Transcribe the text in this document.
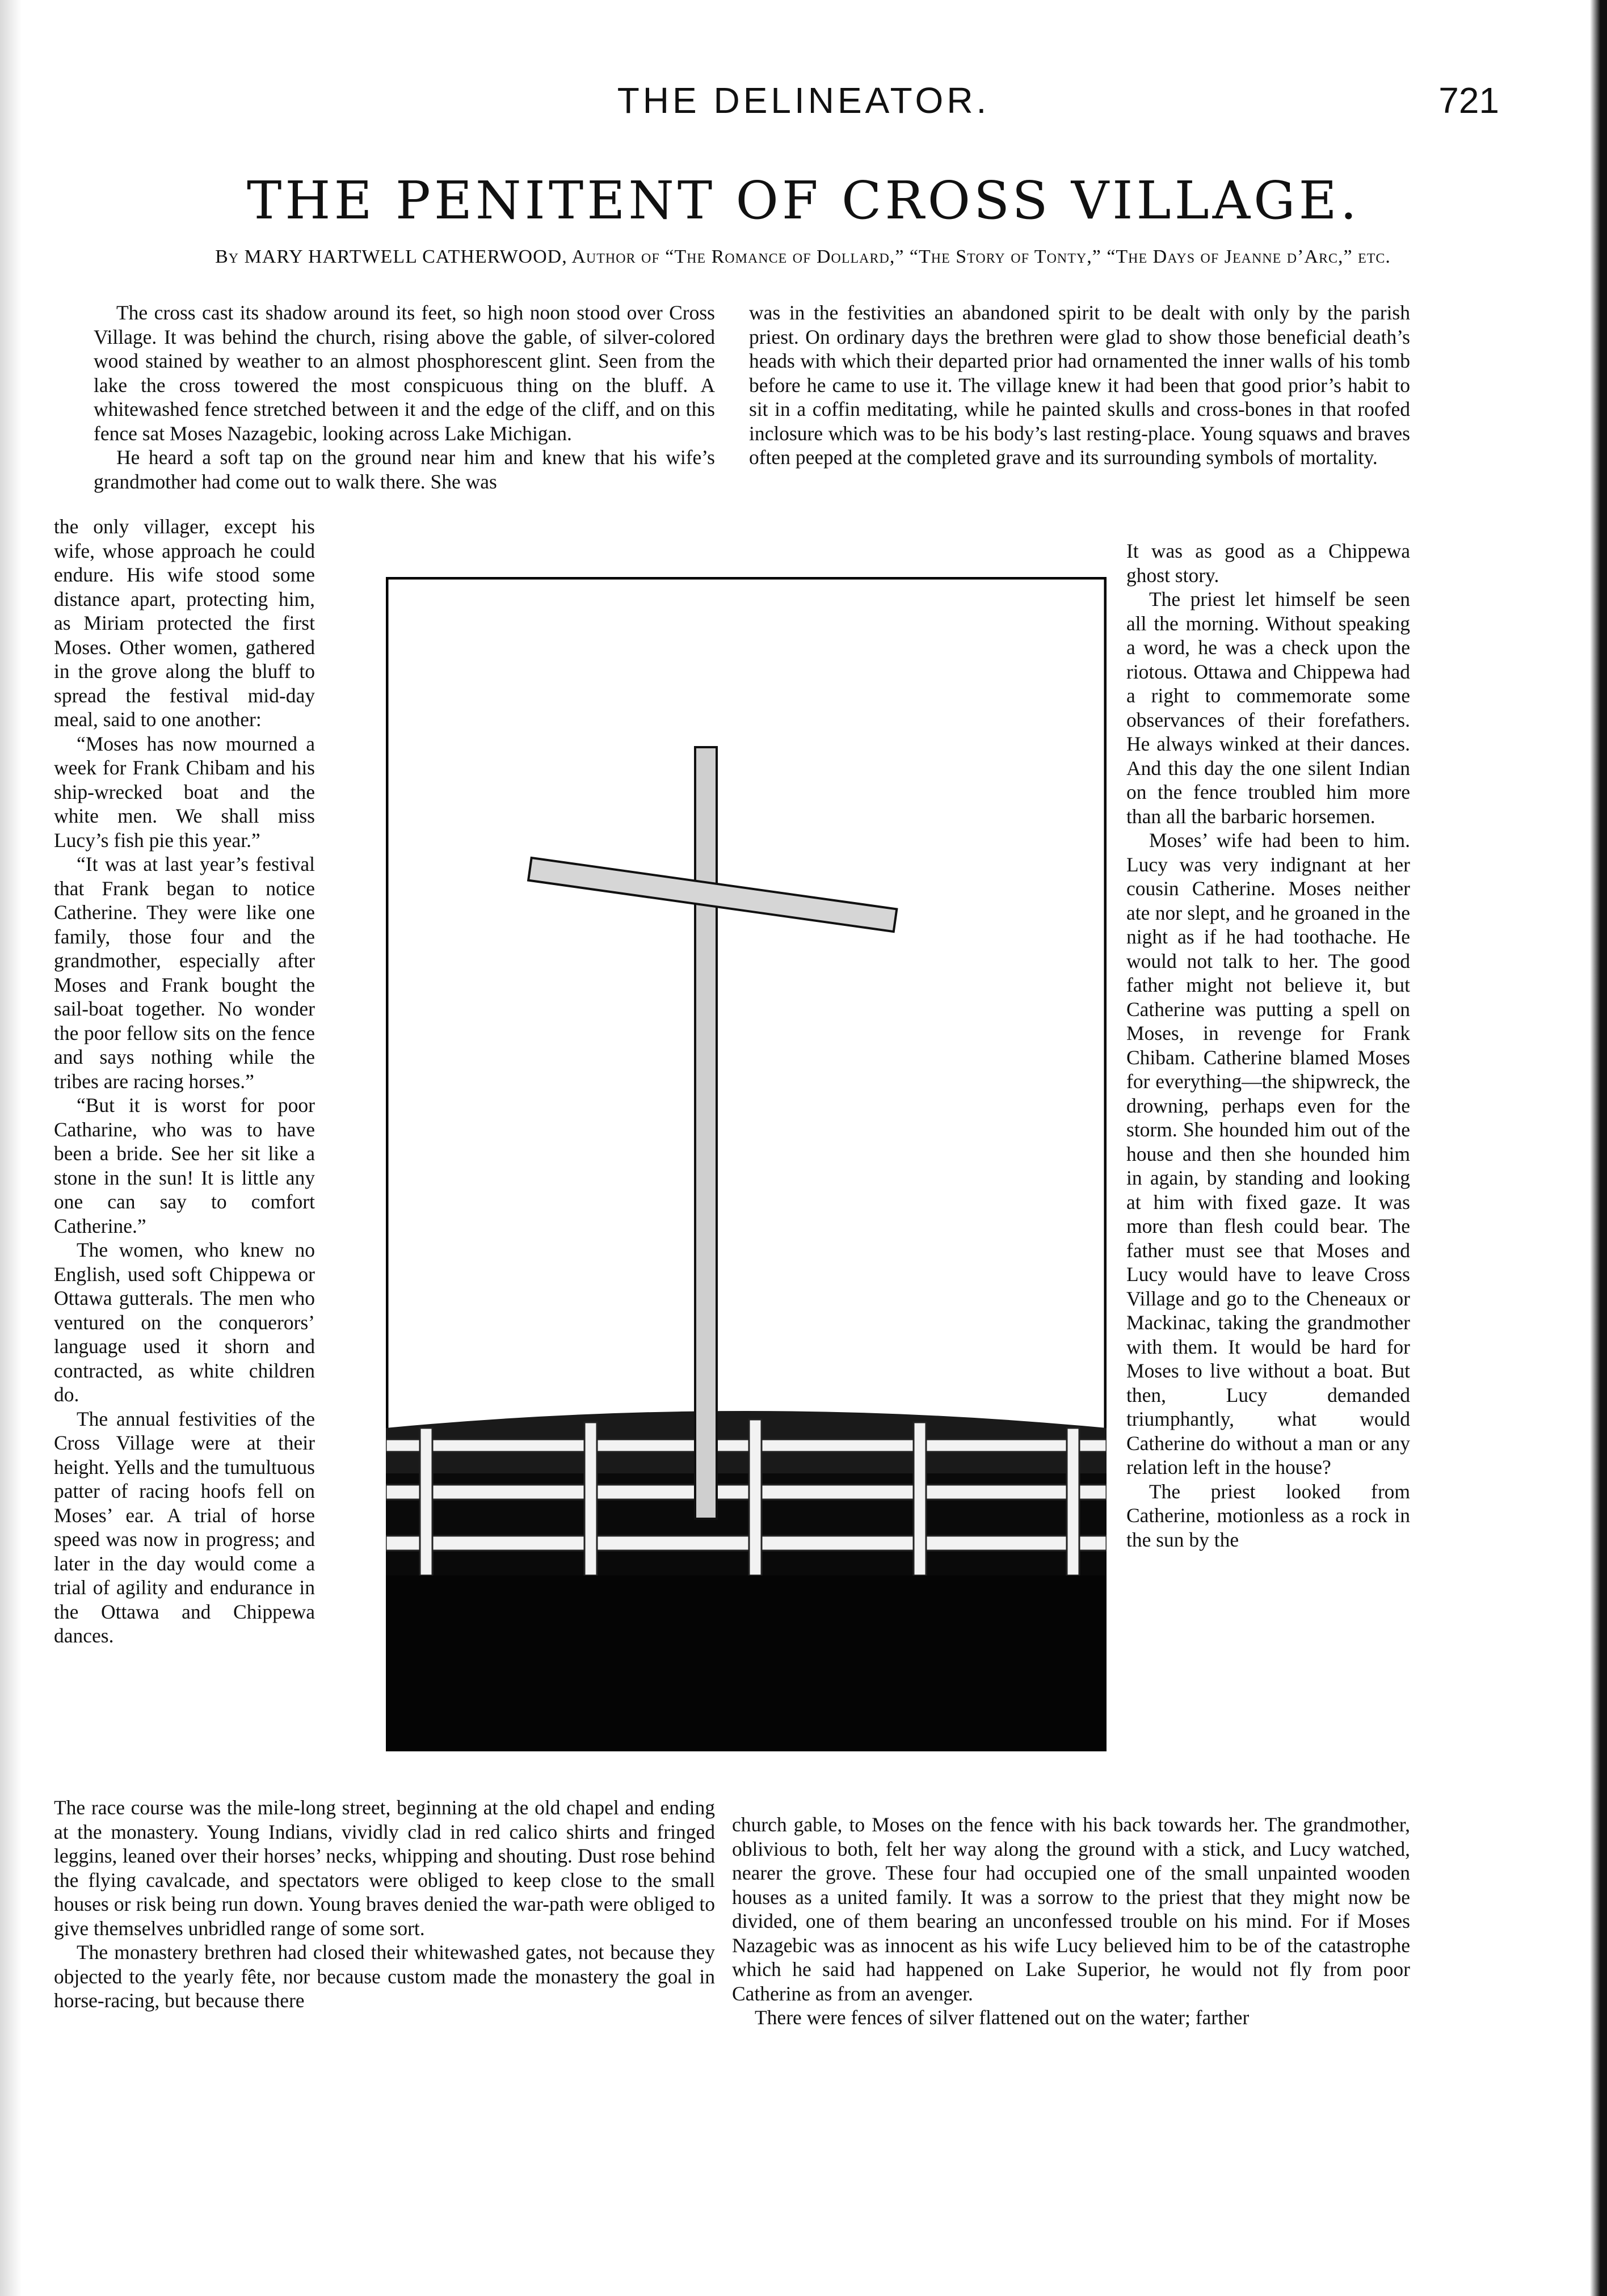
THE DELINEATOR.	721
THE PENITENT OF CROSS VILLAGE.
By MARY HARTWELL CATHERWOOD, Author of “The Romance of Dollard,” “The Story of Tonty,” “The Days of Jeanne d’Arc,” etc.

The cross cast its shadow around its feet, so high noon stood over Cross Village. It was behind the church, rising above the gable, of silver-colored wood stained by weather to an almost phosphorescent glint. Seen from the lake the cross towered the most conspicuous thing on the bluff. A whitewashed fence stretched between it and the edge of the cliff, and on this fence sat Moses Nazagebic, looking across Lake Michigan.

He heard a soft tap on the ground near him and knew that his wife’s grandmother had come out to walk there. She was

was in the festivities an abandoned spirit to be dealt with only by the parish priest. On ordinary days the brethren were glad to show those beneficial death’s heads with which their departed prior had ornamented the inner walls of his tomb before he came to use it. The village knew it had been that good prior’s habit to sit in a coffin meditating, while he painted skulls and cross-bones in that roofed inclosure which was to be his body’s last resting-place. Young squaws and braves often peeped at the completed grave and its surrounding symbols of mortality.

the only villager, except his wife, whose approach he could endure. His wife stood some distance apart, protecting him, as Miriam protected the first Moses. Other women, gathered in the grove along the bluff to spread the festival mid-day meal, said to one another:

“Moses has now mourned a week for Frank Chibam and his ship-wrecked boat and the white men. We shall miss Lucy’s fish pie this year.”

“It was at last year’s festival that Frank began to notice Catherine. They were like one family, those four and the grandmother, especially after Moses and Frank bought the sail-boat together. No wonder the poor fellow sits on the fence and says nothing while the tribes are racing horses.”

“But it is worst for poor Catharine, who was to have been a bride. See her sit like a stone in the sun! It is little any one can say to comfort Catherine.”

The women, who knew no English, used soft Chippewa or Ottawa gutterals. The men who ventured on the conquerors’ language used it shorn and contracted, as white children do.

The annual festivities of the Cross Village were at their height. Yells and the tumultuous patter of racing hoofs fell on Moses’ ear. A trial of horse speed was now in progress; and later in the day would come a trial of agility and endurance in the Ottawa and Chippewa dances.

It was as good as a Chippewa ghost story.

The priest let himself be seen all the morning. Without speaking a word, he was a check upon the riotous. Ottawa and Chippewa had a right to commemorate some observances of their forefathers. He always winked at their dances. And this day the one silent Indian on the fence troubled him more than all the barbaric horsemen.

Moses’ wife had been to him. Lucy was very indignant at her cousin Catherine. Moses neither ate nor slept, and he groaned in the night as if he had toothache. He would not talk to her. The good father might not believe it, but Catherine was putting a spell on Moses, in revenge for Frank Chibam. Catherine blamed Moses for everything—the shipwreck, the drowning, perhaps even for the storm. She hounded him out of the house and then she hounded him in again, by standing and looking at him with fixed gaze. It was more than flesh could bear. The father must see that Moses and Lucy would have to leave Cross Village and go to the Cheneaux or Mackinac, taking the grandmother with them. It would be hard for Moses to live without a boat. But then, Lucy demanded triumphantly, what would Catherine do without a man or any relation left in the house?

The priest looked from Catherine, motionless as a rock in the sun by the

The race course was the mile-long street, beginning at the old chapel and ending at the monastery. Young Indians, vividly clad in red calico shirts and fringed leggins, leaned over their horses’ necks, whipping and shouting. Dust rose behind the flying cavalcade, and spectators were obliged to keep close to the small houses or risk being run down. Young braves denied the war-path were obliged to give themselves unbridled range of some sort.

The monastery brethren had closed their whitewashed gates, not because they objected to the yearly fête, nor because custom made the monastery the goal in horse-racing, but because there

church gable, to Moses on the fence with his back towards her. The grandmother, oblivious to both, felt her way along the ground with a stick, and Lucy watched, nearer the grove. These four had occupied one of the small unpainted wooden houses as a united family. It was a sorrow to the priest that they might now be divided, one of them bearing an unconfessed trouble on his mind. For if Moses Nazagebic was as innocent as his wife Lucy believed him to be of the catastrophe which he said had happened on Lake Superior, he would not fly from poor Catherine as from an avenger.

There were fences of silver flattened out on the water; farther
